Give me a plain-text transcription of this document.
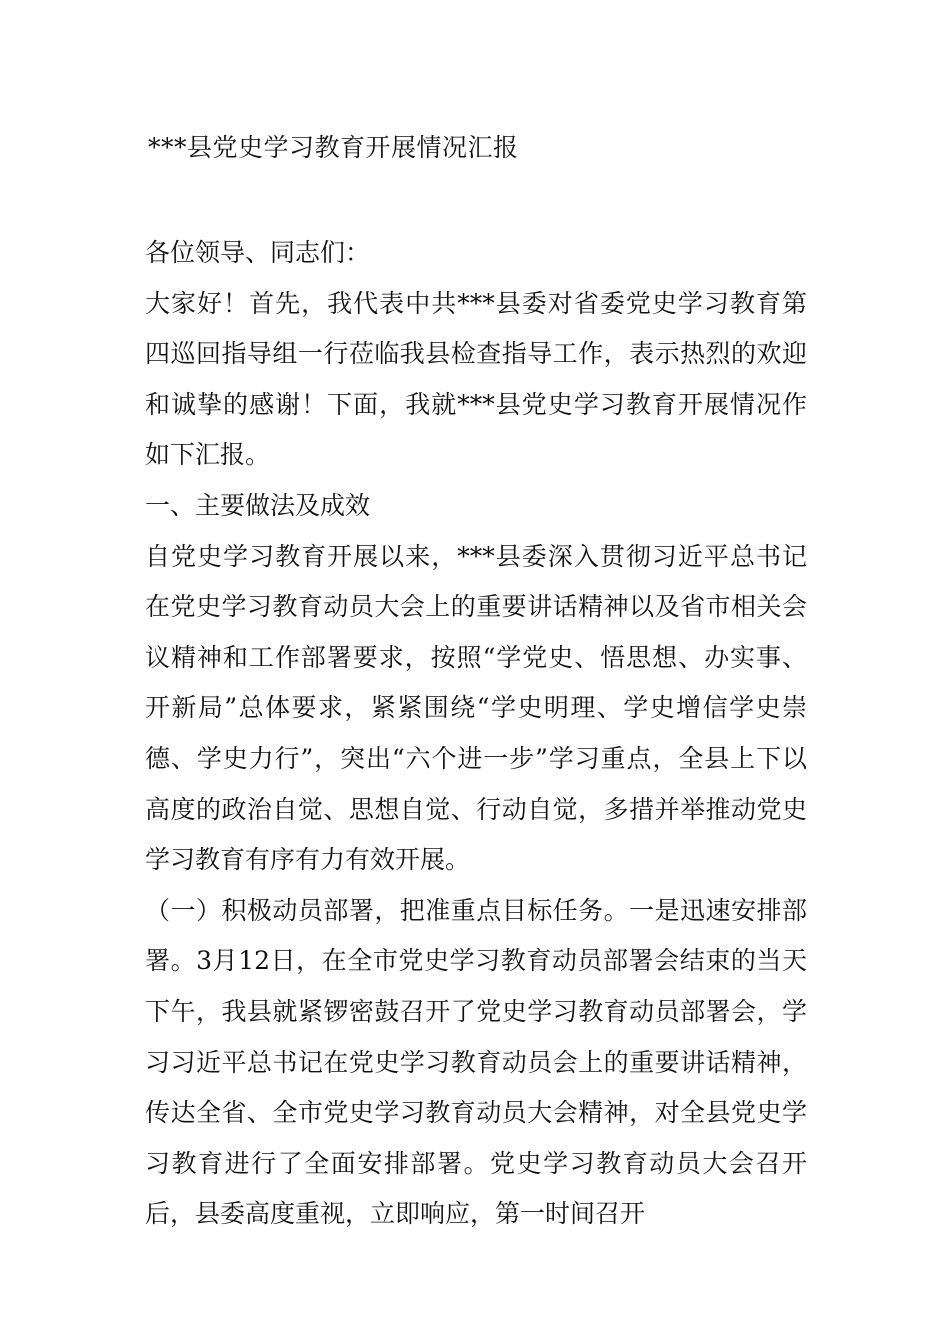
***县党史学习教育开展情况汇报

各位领导、同志们：

大家好！首先，我代表中共***县委对省委党史学习教育第四巡回指导组一行莅临我县检查指导工作，表示热烈的欢迎和诚挚的感谢！下面，我就***县党史学习教育开展情况作如下汇报。

一、主要做法及成效

自党史学习教育开展以来，***县委深入贯彻习近平总书记在党史学习教育动员大会上的重要讲话精神以及省市相关会议精神和工作部署要求，按照“学党史、悟思想、办实事、开新局”总体要求，紧紧围绕“学史明理、学史增信学史崇德、学史力行”，突出“六个进一步”学习重点，全县上下以高度的政治自觉、思想自觉、行动自觉，多措并举推动党史学习教育有序有力有效开展。

（一）积极动员部署，把准重点目标任务。一是迅速安排部署。3月12日，在全市党史学习教育动员部署会结束的当天下午，我县就紧锣密鼓召开了党史学习教育动员部署会，学习习近平总书记在党史学习教育动员会上的重要讲话精神，传达全省、全市党史学习教育动员大会精神，对全县党史学习教育进行了全面安排部署。党史学习教育动员大会召开后，县委高度重视，立即响应，第一时间召开
